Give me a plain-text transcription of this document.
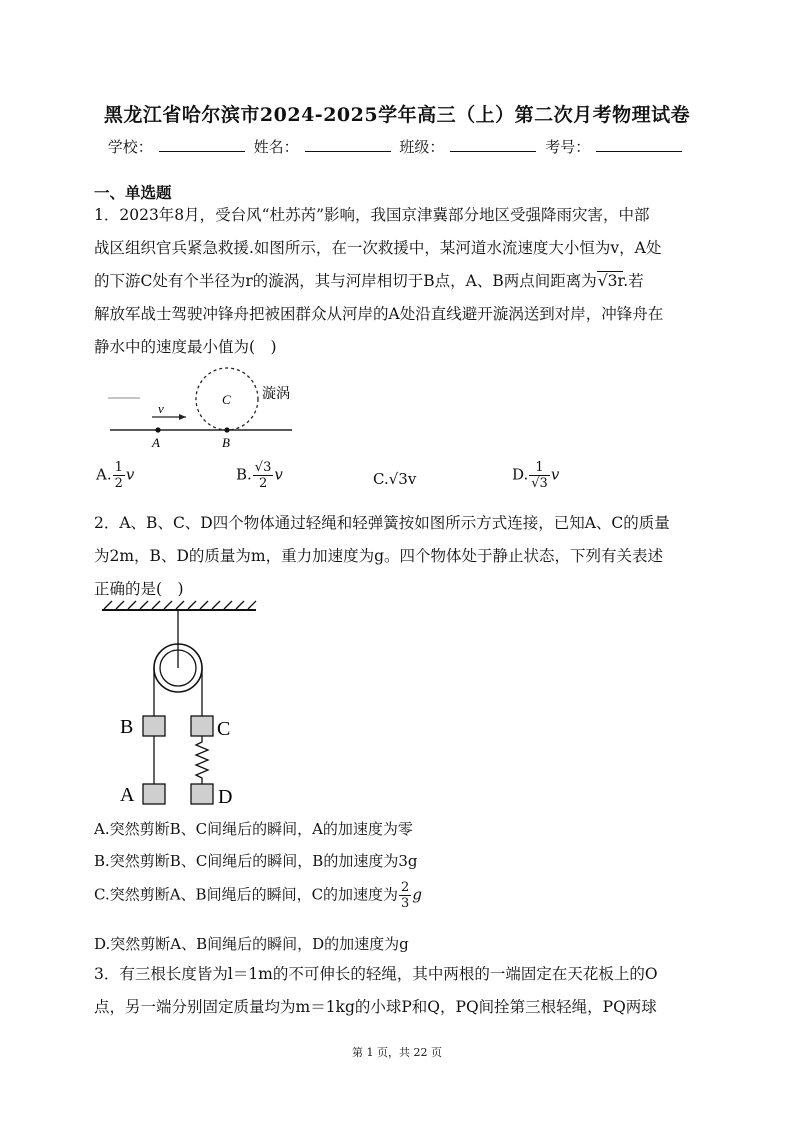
黑龙江省哈尔滨市2024-2025学年高三（上）第二次月考物理试卷
学校：	姓名：	班级：	考号：
一、单选题
1．2023年8月，受台风“杜苏芮”影响，我国京津冀部分地区受强降雨灾害，中部
战区组织官兵紧急救援.如图所示，在一次救援中，某河道水流速度大小恒为v，A处
的下游C处有个半径为r的漩涡，其与河岸相切于B点，A、B两点间距离为√3r.若
解放军战士驾驶冲锋舟把被困群众从河岸的A处沿直线避开漩涡送到对岸，冲锋舟在
静水中的速度最小值为(　)
v
A	B
C 漩涡
A. $\frac{1}{2}$ v	B. $\frac{√3}{2}$ v	C.√3v	D. $\frac{1}{√3}$ v
2．A、B、C、D四个物体通过轻绳和轻弹簧按如图所示方式连接，已知A、C的质量
为2m，B、D的质量为m，重力加速度为g。四个物体处于静止状态，下列有关表述
正确的是(　)
B	C
A	D
A.突然剪断B、C间绳后的瞬间，A的加速度为零
B.突然剪断B、C间绳后的瞬间，B的加速度为3g
C.突然剪断A、B间绳后的瞬间，C的加速度为 $\frac{2}{3}$ g
D.突然剪断A、B间绳后的瞬间，D的加速度为g
3．有三根长度皆为l＝1m的不可伸长的轻绳，其中两根的一端固定在天花板上的O
点，另一端分别固定质量均为m＝1kg的小球P和Q，PQ间拴第三根轻绳，PQ两球
第 1 页，共 22 页
